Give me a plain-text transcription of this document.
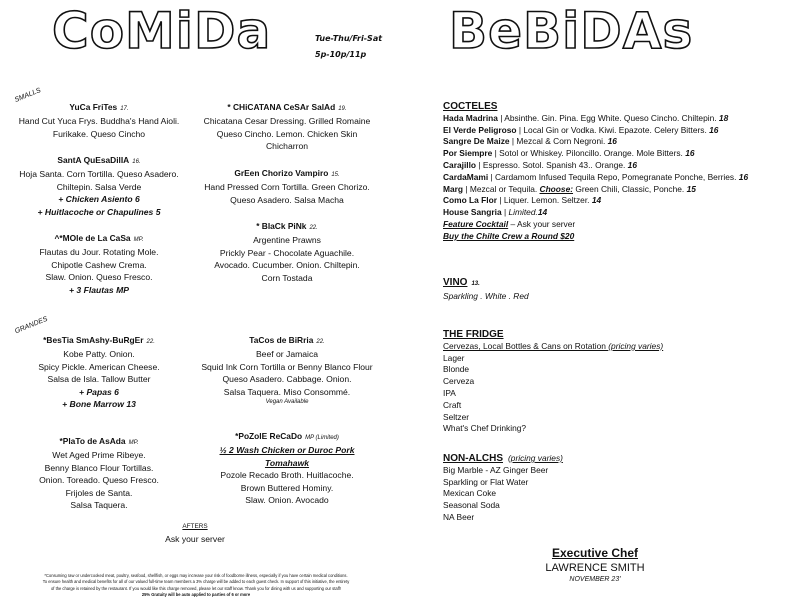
CoMiDa	Tue-Thu/Fri-Sat
5p-10p/11p
SMALLS
GRANDES
YuCa FriTes 17.
Hand Cut Yuca Frys. Buddha's Hand Aioli.
Furikake. Queso Cincho
* CHiCATANA CeSAr SalAd 19.
Chicatana Cesar Dressing. Grilled Romaine
Queso Cincho. Lemon. Chicken Skin Chicharron
SantA QuEsaDilIA 16.
Hoja Santa. Corn Tortilla. Queso Asadero.
Chiltepin. Salsa Verde
+ Chicken Asiento 6
+ Huitlacoche or Chapulines 5
GrEen Chorizo Vampiro 15.
Hand Pressed Corn Tortilla. Green Chorizo.
Queso Asadero. Salsa Macha
* BlaCk PiNk 22.
Argentine Prawns
Prickly Pear - Chocolate Aguachile.
Avocado. Cucumber. Onion. Chiltepin.
Corn Tostada
^*MOle de La CaSa MP.
Flautas du Jour. Rotating Mole.
Chipotle Cashew Crema.
Slaw. Onion. Queso Fresco.
+ 3 Flautas MP
*BesTia SmAshy-BuRgEr 22.
Kobe Patty. Onion.
Spicy Pickle. American Cheese.
Salsa de Isla. Tallow Butter
+ Papas 6
+ Bone Marrow 13
TaCos de BiRria 22.
Beef or Jamaica
Squid Ink Corn Tortilla or Benny Blanco Flour
Queso Asadero. Cabbage. Onion.
Salsa Taquera. Miso Consommé.
Vegan Available
*PlaTo de AsAda MP.
Wet Aged Prime Ribeye.
Benny Blanco Flour Tortillas.
Onion. Toreado. Queso Fresco.
Frijoles de Santa.
Salsa Taquera.
*PoZolE ReCaDo MP (Limited)
½ 2 Wash Chicken or Duroc Pork Tomahawk
Pozole Recado Broth. Huitlacoche.
Brown Buttered Hominy.
Slaw. Onion. Avocado
AFTERS
Ask your server
*Consuming raw or undercooked meat, poultry, seafood, shellfish, or eggs may increase your risk of foodborne illness, especially if you have certain medical conditions.
To ensure health and medical benefits for all of our valued full-time team members a 3% charge will be added to each guest check. In support of this initiative, the entirety
of the charge is retained by the restaurant. If you would like this charge removed, please let our staff know. Thank you for dining with us and supporting our staff!
25% Gratuity will be auto applied to parties of 6 or more
BeBiDAs
COCTELES
Hada Madrina | Absinthe. Gin. Pina. Egg White. Queso Cincho. Chiltepin. 18
El Verde Peligroso | Local Gin or Vodka. Kiwi. Epazote. Celery Bitters. 16
Sangre De Maize | Mezcal & Corn Negroni. 16
Por Siempre | Sotol or Whiskey. Piloncillo. Orange. Mole Bitters. 16
Carajillo | Espresso. Sotol. Spanish 43.. Orange. 16
CardaMami | Cardamom Infused Tequila Repo, Pomegranate Ponche, Berries. 16
Marg | Mezcal or Tequila. Choose: Green Chili, Classic, Ponche. 15
Como La Flor | Liquer. Lemon. Seltzer. 14
House Sangria | Limited.14
Feature Cocktail – Ask your server
Buy the Chilte Crew a Round $20
VINO 13.
Sparkling . White . Red
THE FRIDGE
Cervezas, Local Bottles & Cans on Rotation (pricing varies)
Lager
Blonde
Cerveza
IPA
Craft
Seltzer
What's Chef Drinking?
NON-ALCHS (pricing varies)
Big Marble - AZ Ginger Beer
Sparkling or Flat Water
Mexican Coke
Seasonal Soda
NA Beer
Executive Chef
LAWRENCE SMITH
NOVEMBER 23'
